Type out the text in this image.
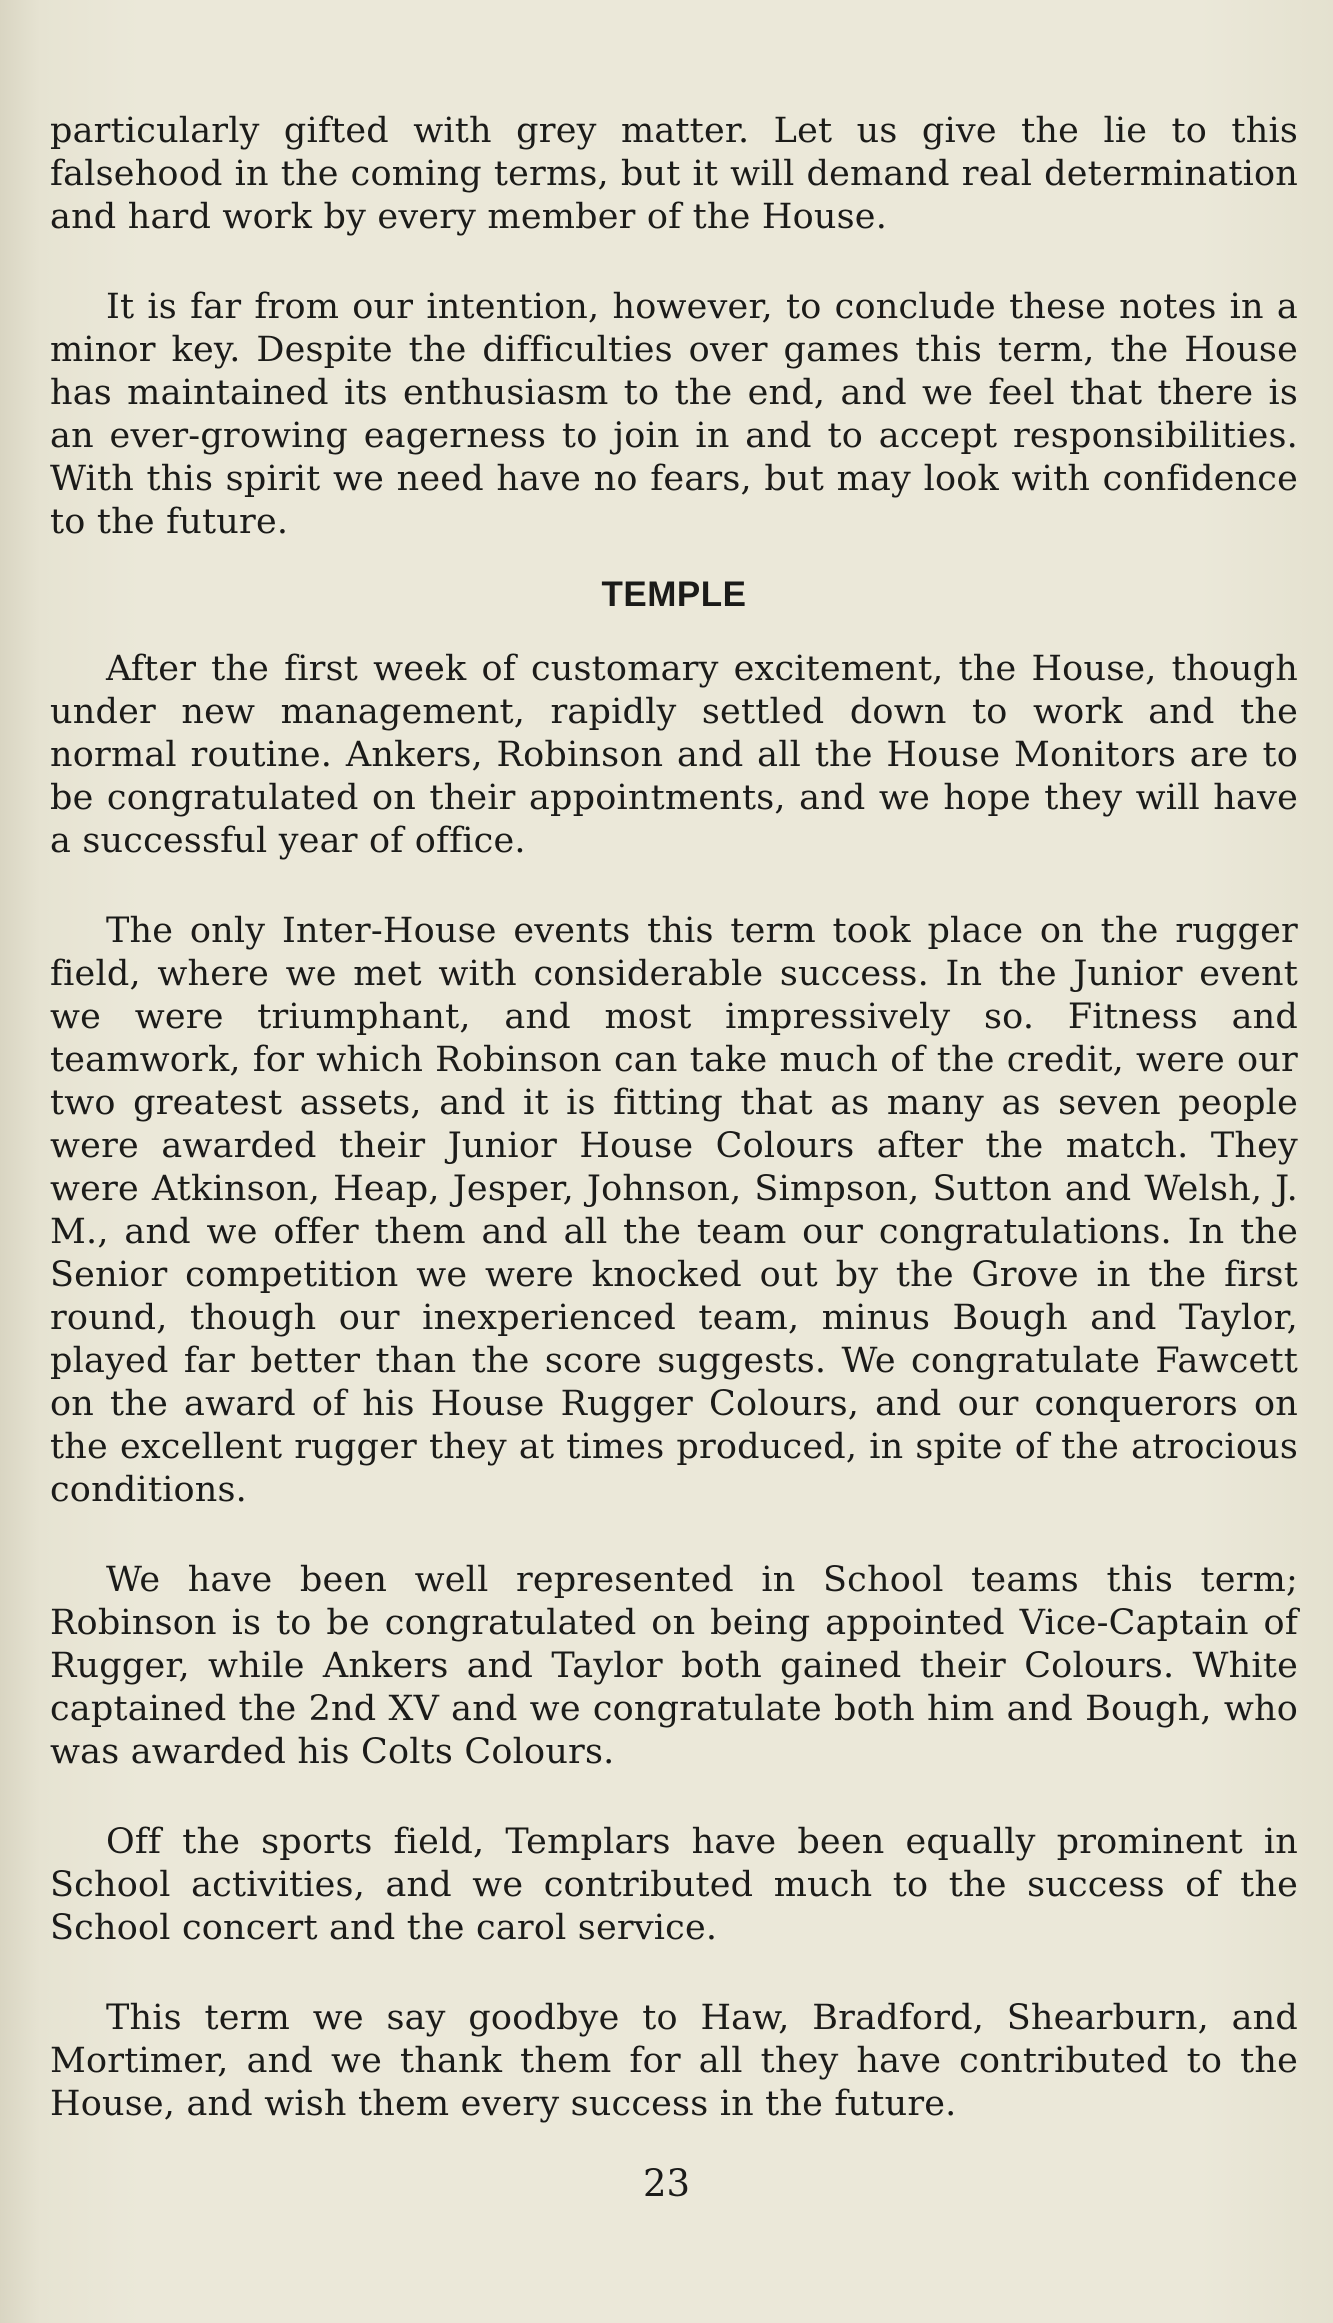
particularly gifted with grey matter. Let us give the lie to this falsehood in the coming terms, but it will demand real determination and hard work by every member of the House.

It is far from our intention, however, to conclude these notes in a minor key. Despite the difficulties over games this term, the House has maintained its enthusiasm to the end, and we feel that there is an ever-growing eagerness to join in and to accept responsibilities. With this spirit we need have no fears, but may look with confidence to the future.

TEMPLE

After the first week of customary excitement, the House, though under new management, rapidly settled down to work and the normal routine. Ankers, Robinson and all the House Monitors are to be congratulated on their appointments, and we hope they will have a successful year of office.

The only Inter-House events this term took place on the rugger field, where we met with considerable success. In the Junior event we were triumphant, and most impressively so. Fitness and teamwork, for which Robinson can take much of the credit, were our two greatest assets, and it is fitting that as many as seven people were awarded their Junior House Colours after the match. They were Atkinson, Heap, Jesper, Johnson, Simpson, Sutton and Welsh, J. M., and we offer them and all the team our congratulations. In the Senior competition we were knocked out by the Grove in the first round, though our inexperienced team, minus Bough and Taylor, played far better than the score suggests. We congratulate Fawcett on the award of his House Rugger Colours, and our conquerors on the excellent rugger they at times produced, in spite of the atrocious conditions.

We have been well represented in School teams this term; Robinson is to be congratulated on being appointed Vice-Captain of Rugger, while Ankers and Taylor both gained their Colours. White captained the 2nd XV and we congratulate both him and Bough, who was awarded his Colts Colours.

Off the sports field, Templars have been equally prominent in School activities, and we contributed much to the success of the School concert and the carol service.

This term we say goodbye to Haw, Bradford, Shearburn, and Mortimer, and we thank them for all they have contributed to the House, and wish them every success in the future.

23
